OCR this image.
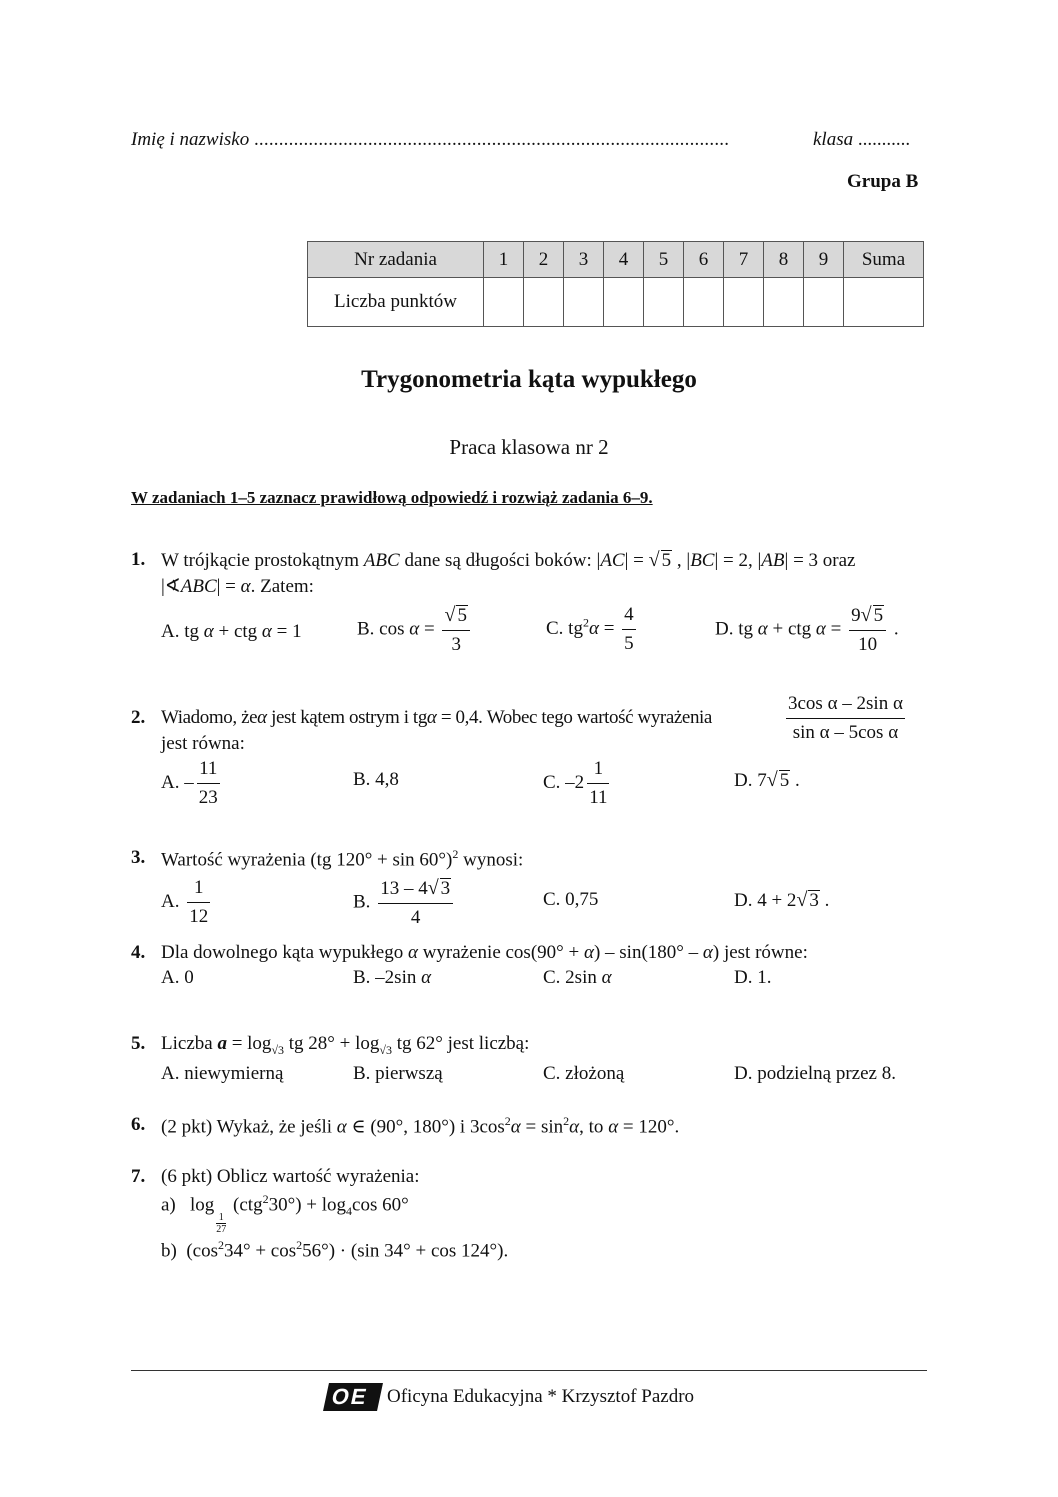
Imię i nazwisko ................................................................................................	klasa ...........
Grupa B
Nr zadania	1	2	3	4	5	6	7	8	9	Suma
Liczba punktów										
Trygonometria kąta wypukłego
Praca klasowa nr 2
W zadaniach 1–5 zaznacz prawidłową odpowiedź i rozwiąż zadania 6–9.
1. W trójkącie prostokątnym ABC dane są długości boków: |AC| = √ 5 , |BC| = 2, |AB| = 3 oraz
|∢ABC| = α. Zatem:
A. tg α + ctg α = 1	B. $\cos \alpha = \frac{√ 5}{3}$	C. $tg^2\alpha = \frac{4}{5}$	D. tg α + ctg $\alpha = \frac{9√ 5}{10}$ .
2. Wiadomo, żeα jest kątem ostrym i tgα = 0,4. Wobec tego wartość wyrażenia	$\frac{\text{3cos α – 2sin α}}{\text{sin α – 5cos α}}$
jest równa:
A. – $\frac{11}{23}$	B. 4,8	C. $-2 \frac{1}{11}$	D. 7√ 5 .
3. Wartość wyrażenia (tg 120° + sin 60°)$^2$ wynosi:
A. $\frac{1}{12}$	B. $\frac{13 - 4√ 3}{4}$	C. 0,75	D. 4 + 2√ 3 .
4. Dla dowolnego kąta wypukłego α wyrażenie cos(90° + α) – sin(180° – α) jest równe:
A. 0	B. –2sin α	C. 2sin α	D. 1.
5. Liczba $a = \log_{√3}$ tg $28^\circ + \log_{√3}$ tg 62° jest liczbą:
A. niewymierną	B. pierwszą	C. złożoną	D. podzielną przez 8.
6. (2 pkt) Wykaż, że jeśli α ∈ (90°, 180°) i $3\cos^2\alpha = \sin^2\alpha$, to α = 120°.
7. (6 pkt) Oblicz wartość wyrażenia:
a) log
$\frac{1}{27}$
$(ctg^230^\circ) + \log_4\cos$ 60°
b) $(\cos^234^\circ + \cos^256^\circ) \cdot (\sin$ 34° + cos 124°).
OE Oficyna Edukacyjna * Krzysztof Pazdro
